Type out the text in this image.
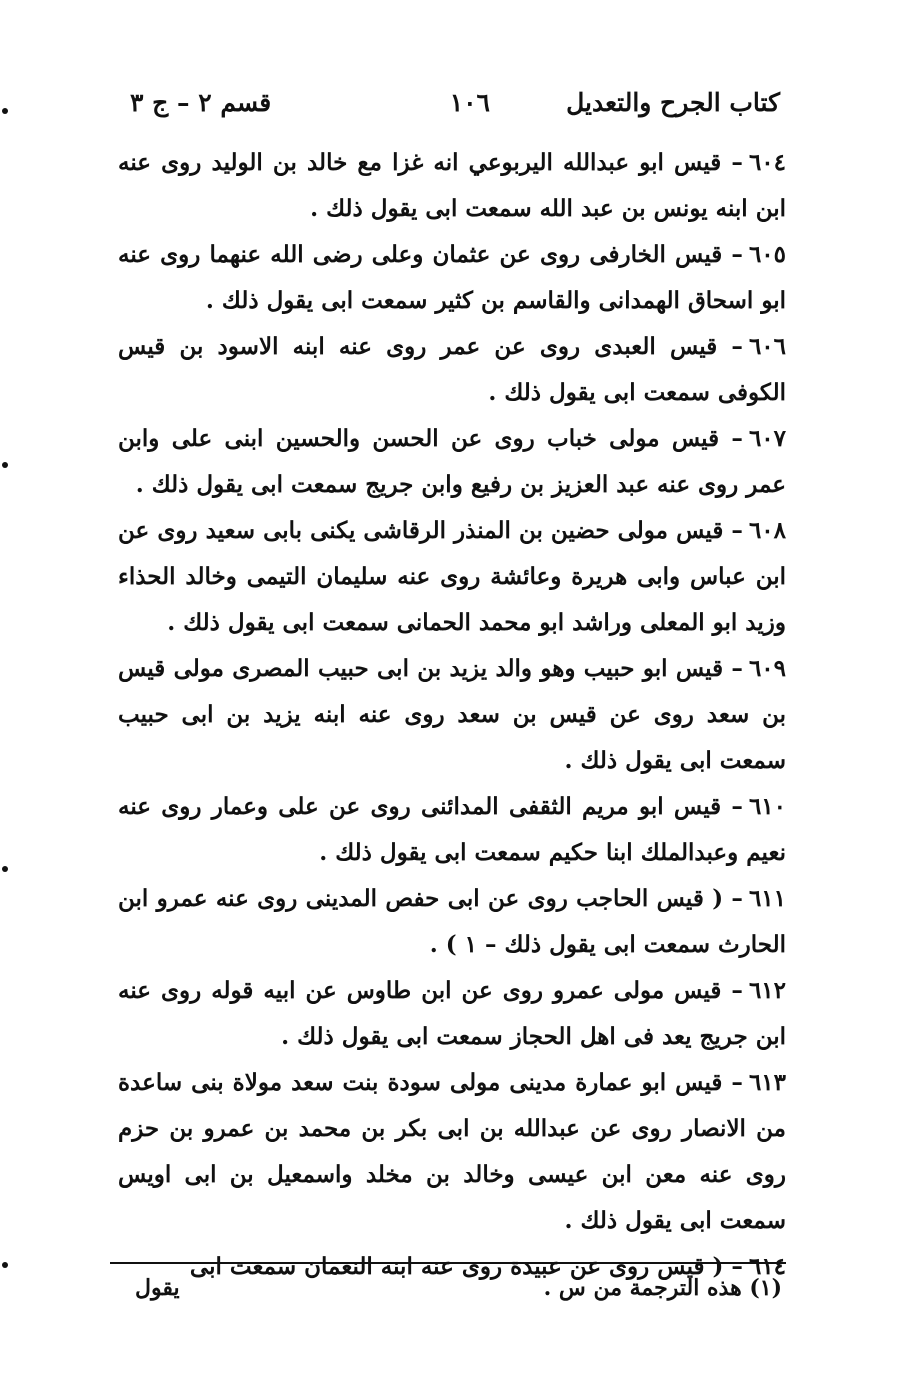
كتاب الجرح والتعديل
١٠٦
قسم ٢ – ج ٣

٦٠٤– قيس ابو عبدالله اليربوعي انه غزا مع خالد بن الوليد روى عنه ابن ابنه يونس بن عبد الله سمعت ابى يقول ذلك .

٦٠٥– قيس الخارفى روى عن عثمان وعلى رضى الله عنهما روى عنه ابو اسحاق الهمدانى والقاسم بن كثير سمعت ابى يقول ذلك .

٦٠٦– قيس العبدى روى عن عمر روى عنه ابنه الاسود بن قيس الكوفى سمعت ابى يقول ذلك .

٦٠٧– قيس مولى خباب روى عن الحسن والحسين ابنى على وابن عمر روى عنه عبد العزيز بن رفيع وابن جريج سمعت ابى يقول ذلك .

٦٠٨– قيس مولى حضين بن المنذر الرقاشى يكنى بابى سعيد روى عن ابن عباس وابى هريرة وعائشة روى عنه سليمان التيمى وخالد الحذاء وزيد ابو المعلى وراشد ابو محمد الحمانى سمعت ابى يقول ذلك .

٦٠٩– قيس ابو حبيب وهو والد يزيد بن ابى حبيب المصرى مولى قيس بن سعد روى عن قيس بن سعد روى عنه ابنه يزيد بن ابى حبيب سمعت ابى يقول ذلك .

٦١٠– قيس ابو مريم الثقفى المدائنى روى عن على وعمار روى عنه نعيم وعبدالملك ابنا حكيم سمعت ابى يقول ذلك .

٦١١– ( قيس الحاجب روى عن ابى حفص المدينى روى عنه عمرو ابن الحارث سمعت ابى يقول ذلك – ١ ) .

٦١٢– قيس مولى عمرو روى عن ابن طاوس عن ابيه قوله روى عنه ابن جريج يعد فى اهل الحجاز سمعت ابى يقول ذلك .

٦١٣– قيس ابو عمارة مدينى مولى سودة بنت سعد مولاة بنى ساعدة من الانصار روى عن عبدالله بن ابى بكر بن محمد بن عمرو بن حزم روى عنه معن ابن عيسى وخالد بن مخلد واسمعيل بن ابى اويس سمعت ابى يقول ذلك .

٦١٤– ( قيس روى عن عبيدة روى عنه ابنه النعمان سمعت ابى

(١) هذه الترجمة من س .
يقول
